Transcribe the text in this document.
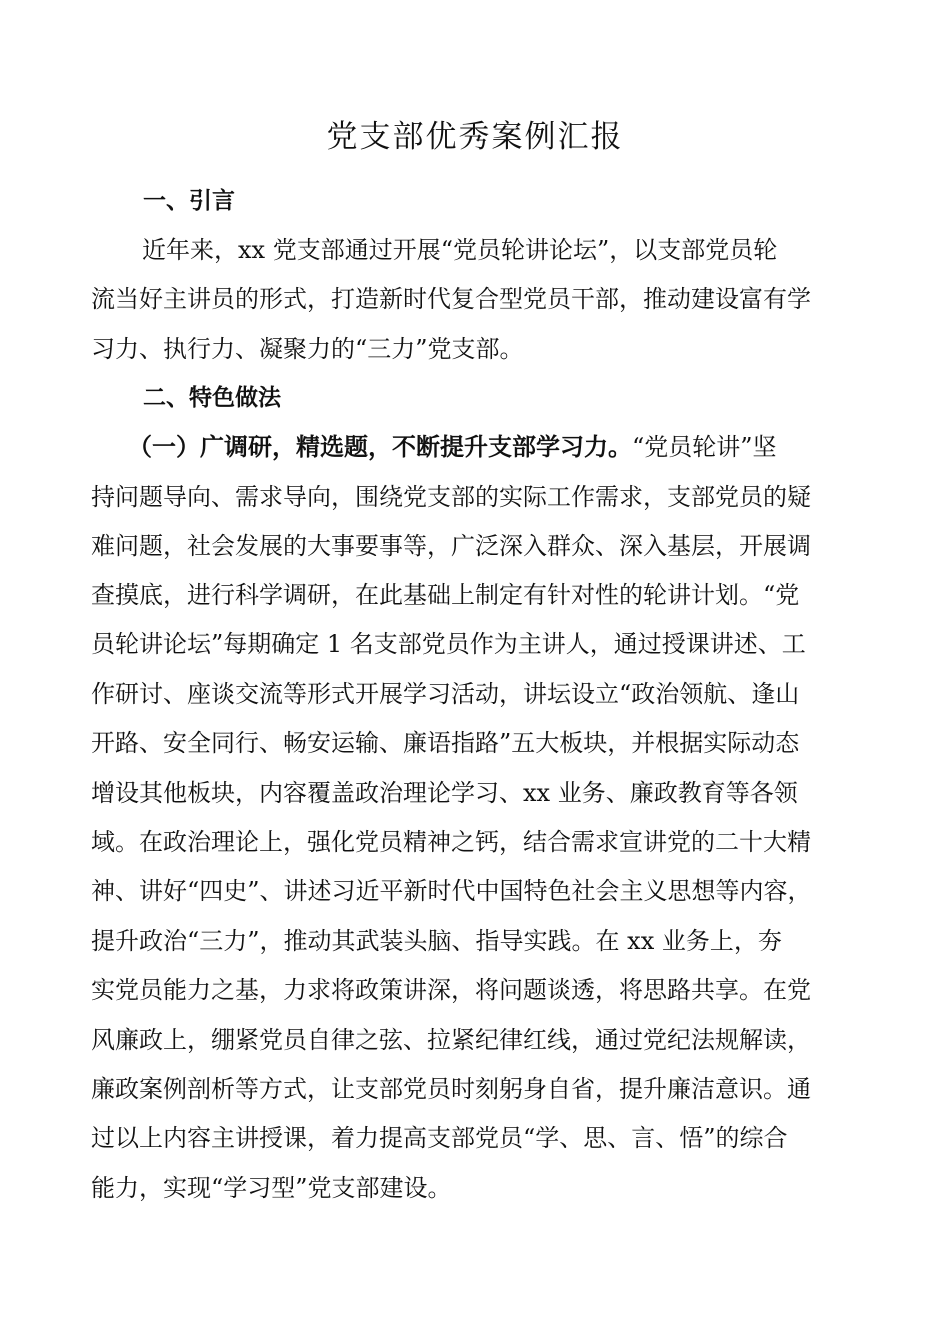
党支部优秀案例汇报
一、引言
近年来，xx 党支部通过开展“党员轮讲论坛”，以支部党员轮
流当好主讲员的形式，打造新时代复合型党员干部，推动建设富有学
习力、执行力、凝聚力的“三力”党支部。
二、特色做法
（一）广调研，精选题，不断提升支部学习力。“党员轮讲”坚
持问题导向、需求导向，围绕党支部的实际工作需求，支部党员的疑
难问题，社会发展的大事要事等，广泛深入群众、深入基层，开展调
查摸底，进行科学调研，在此基础上制定有针对性的轮讲计划。“党
员轮讲论坛”每期确定 1 名支部党员作为主讲人，通过授课讲述、工
作研讨、座谈交流等形式开展学习活动，讲坛设立“政治领航、逢山
开路、安全同行、畅安运输、廉语指路”五大板块，并根据实际动态
增设其他板块，内容覆盖政治理论学习、xx 业务、廉政教育等各领
域。在政治理论上，强化党员精神之钙，结合需求宣讲党的二十大精
神、讲好“四史”、讲述习近平新时代中国特色社会主义思想等内容，
提升政治“三力”，推动其武装头脑、指导实践。在 xx 业务上，夯
实党员能力之基，力求将政策讲深，将问题谈透，将思路共享。在党
风廉政上，绷紧党员自律之弦、拉紧纪律红线，通过党纪法规解读，
廉政案例剖析等方式，让支部党员时刻躬身自省，提升廉洁意识。通
过以上内容主讲授课，着力提高支部党员“学、思、言、悟”的综合
能力，实现“学习型”党支部建设。
